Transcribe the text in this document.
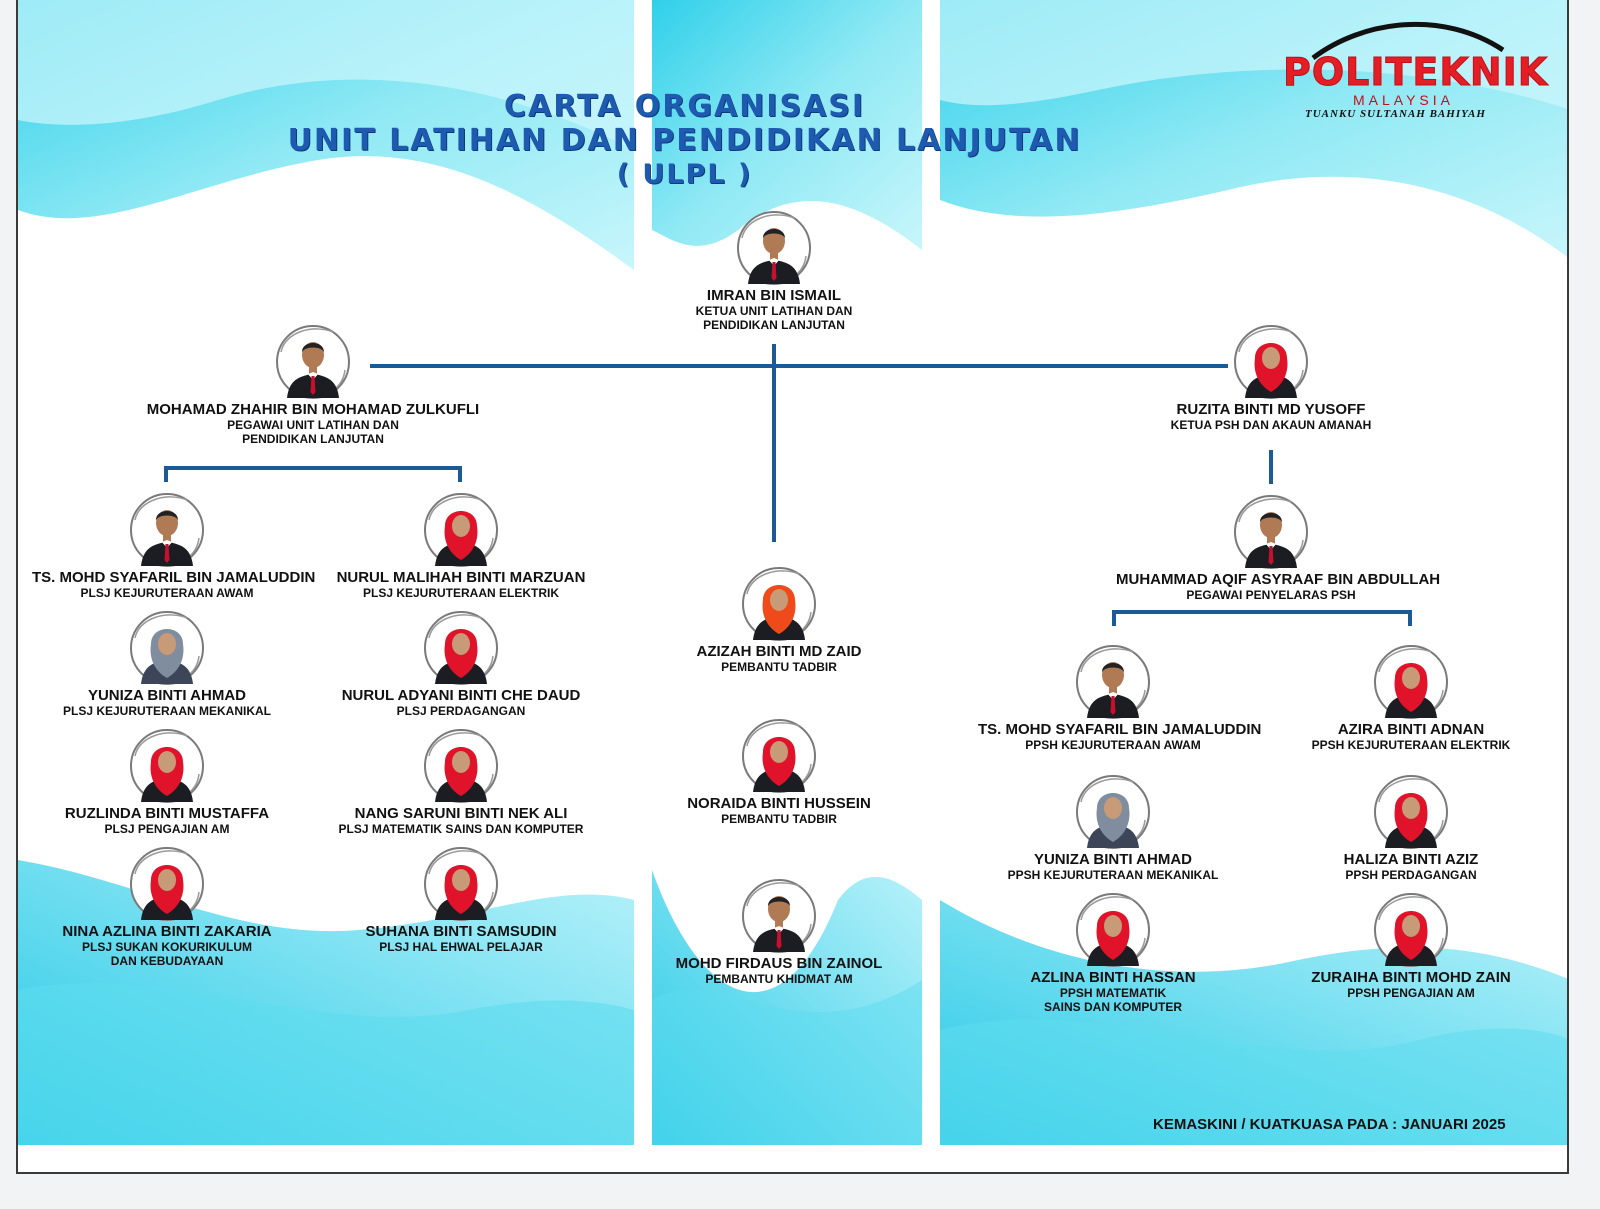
POLITEKNIK
MALAYSIA
TUANKU SULTANAH BAHIYAH
CARTA ORGANISASI
UNIT LATIHAN DAN PENDIDIKAN LANJUTAN
( ULPL )
IMRAN BIN ISMAIL
KETUA UNIT LATIHAN DAN
PENDIDIKAN LANJUTAN
MOHAMAD ZHAHIR BIN MOHAMAD ZULKUFLI
PEGAWAI UNIT LATIHAN DAN
PENDIDIKAN LANJUTAN
RUZITA BINTI MD YUSOFF
KETUA PSH DAN AKAUN AMANAH
MUHAMMAD AQIF ASYRAAF BIN ABDULLAH
PEGAWAI PENYELARAS PSH
TS. MOHD SYAFARIL BIN JAMALUDDIN
PLSJ KEJURUTERAAN AWAM
NURUL MALIHAH BINTI MARZUAN
PLSJ KEJURUTERAAN ELEKTRIK
YUNIZA BINTI AHMAD
PLSJ KEJURUTERAAN MEKANIKAL
NURUL ADYANI BINTI CHE DAUD
PLSJ PERDAGANGAN
RUZLINDA BINTI MUSTAFFA
PLSJ PENGAJIAN AM
NANG SARUNI BINTI NEK ALI
PLSJ MATEMATIK SAINS DAN KOMPUTER
NINA AZLINA BINTI ZAKARIA
PLSJ SUKAN KOKURIKULUM
DAN KEBUDAYAAN
SUHANA BINTI SAMSUDIN
PLSJ HAL EHWAL PELAJAR
AZIZAH BINTI MD ZAID
PEMBANTU TADBIR
NORAIDA BINTI HUSSEIN
PEMBANTU TADBIR
MOHD FIRDAUS BIN ZAINOL
PEMBANTU KHIDMAT AM
TS. MOHD SYAFARIL BIN JAMALUDDIN
PPSH KEJURUTERAAN AWAM
AZIRA BINTI ADNAN
PPSH KEJURUTERAAN ELEKTRIK
YUNIZA BINTI AHMAD
PPSH KEJURUTERAAN MEKANIKAL
HALIZA BINTI AZIZ
PPSH PERDAGANGAN
AZLINA BINTI HASSAN
PPSH MATEMATIK
SAINS DAN KOMPUTER
ZURAIHA BINTI MOHD ZAIN
PPSH PENGAJIAN AM
KEMASKINI / KUATKUASA PADA : JANUARI 2025
